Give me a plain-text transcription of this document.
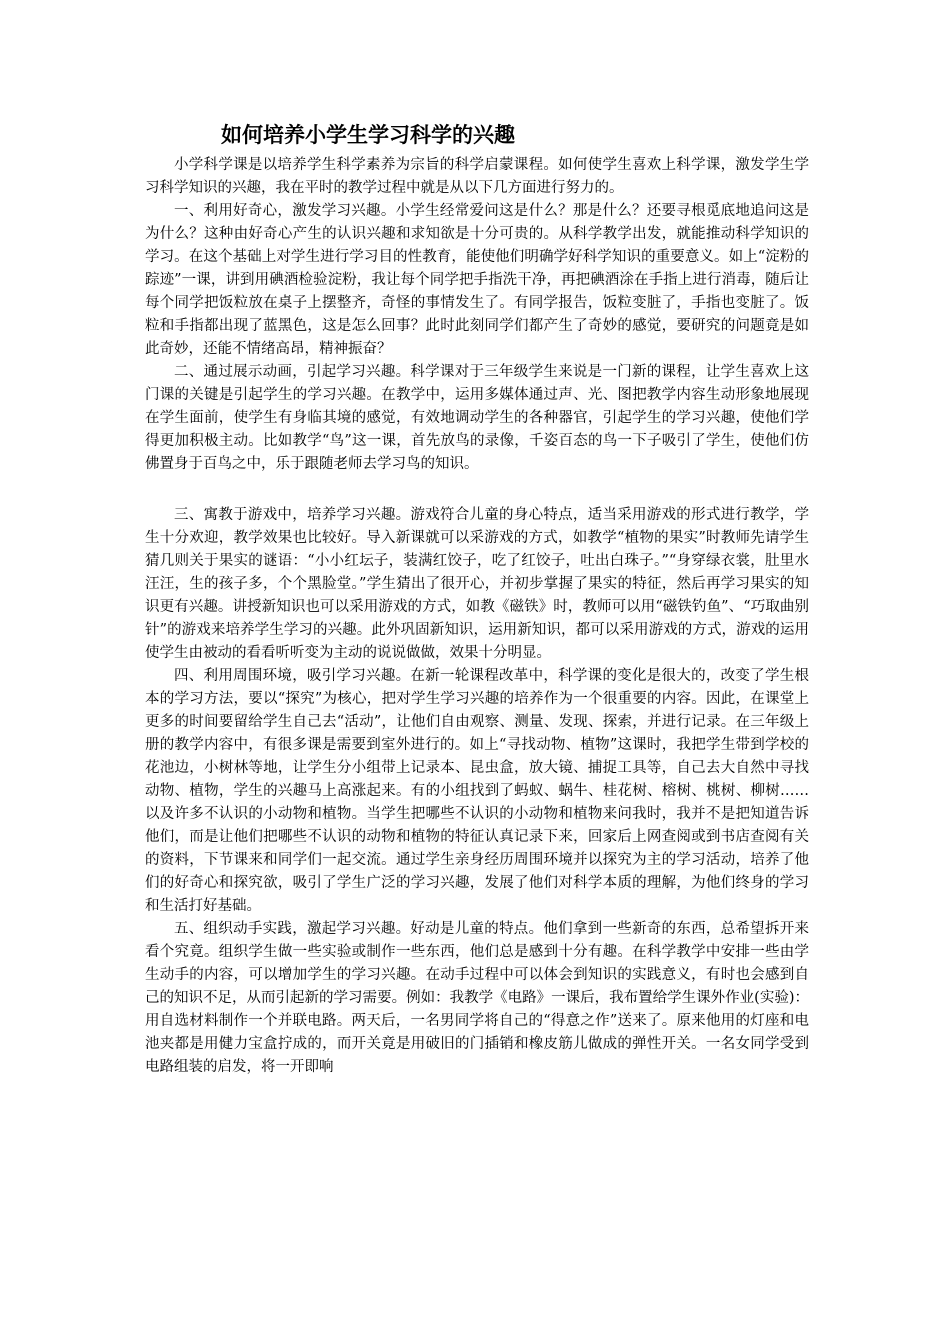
如何培养小学生学习科学的兴趣

小学科学课是以培养学生科学素养为宗旨的科学启蒙课程。如何使学生喜欢上科学课，激发学生学习科学知识的兴趣，我在平时的教学过程中就是从以下几方面进行努力的。

一、利用好奇心，激发学习兴趣。小学生经常爱问这是什么？那是什么？还要寻根觅底地追问这是为什么？这种由好奇心产生的认识兴趣和求知欲是十分可贵的。从科学教学出发，就能推动科学知识的学习。在这个基础上对学生进行学习目的性教育，能使他们明确学好科学知识的重要意义。如上“淀粉的踪迹”一课，讲到用碘酒检验淀粉，我让每个同学把手指洗干净，再把碘酒涂在手指上进行消毒，随后让每个同学把饭粒放在桌子上摆整齐，奇怪的事情发生了。有同学报告，饭粒变脏了，手指也变脏了。饭粒和手指都出现了蓝黑色，这是怎么回事？此时此刻同学们都产生了奇妙的感觉，要研究的问题竟是如此奇妙，还能不情绪高昂，精神振奋？

二、通过展示动画，引起学习兴趣。科学课对于三年级学生来说是一门新的课程，让学生喜欢上这门课的关键是引起学生的学习兴趣。在教学中，运用多媒体通过声、光、图把教学内容生动形象地展现在学生面前，使学生有身临其境的感觉，有效地调动学生的各种器官，引起学生的学习兴趣，使他们学得更加积极主动。比如教学“鸟”这一课，首先放鸟的录像，千姿百态的鸟一下子吸引了学生，使他们仿佛置身于百鸟之中，乐于跟随老师去学习鸟的知识。

三、寓教于游戏中，培养学习兴趣。游戏符合儿童的身心特点，适当采用游戏的形式进行教学，学生十分欢迎，教学效果也比较好。导入新课就可以采游戏的方式，如教学“植物的果实”时教师先请学生猜几则关于果实的谜语：“小小红坛子，装满红饺子，吃了红饺子，吐出白珠子。”“身穿绿衣裳，肚里水汪汪，生的孩子多，个个黑脸堂。”学生猜出了很开心，并初步掌握了果实的特征，然后再学习果实的知识更有兴趣。讲授新知识也可以采用游戏的方式，如教《磁铁》时，教师可以用“磁铁钓鱼”、“巧取曲别针”的游戏来培养学生学习的兴趣。此外巩固新知识，运用新知识，都可以采用游戏的方式，游戏的运用使学生由被动的看看听听变为主动的说说做做，效果十分明显。

四、利用周围环境，吸引学习兴趣。在新一轮课程改革中，科学课的变化是很大的，改变了学生根本的学习方法，要以“探究”为核心，把对学生学习兴趣的培养作为一个很重要的内容。因此，在课堂上更多的时间要留给学生自己去“活动”，让他们自由观察、测量、发现、探索，并进行记录。在三年级上册的教学内容中，有很多课是需要到室外进行的。如上“寻找动物、植物”这课时，我把学生带到学校的花池边，小树林等地，让学生分小组带上记录本、昆虫盒，放大镜、捕捉工具等，自己去大自然中寻找动物、植物，学生的兴趣马上高涨起来。有的小组找到了蚂蚁、蜗牛、桂花树、榕树、桃树、柳树……以及许多不认识的小动物和植物。当学生把哪些不认识的小动物和植物来问我时，我并不是把知道告诉他们，而是让他们把哪些不认识的动物和植物的特征认真记录下来，回家后上网查阅或到书店查阅有关的资料，下节课来和同学们一起交流。通过学生亲身经历周围环境并以探究为主的学习活动，培养了他们的好奇心和探究欲，吸引了学生广泛的学习兴趣，发展了他们对科学本质的理解，为他们终身的学习和生活打好基础。

五、组织动手实践，激起学习兴趣。好动是儿童的特点。他们拿到一些新奇的东西，总希望拆开来看个究竟。组织学生做一些实验或制作一些东西，他们总是感到十分有趣。在科学教学中安排一些由学生动手的内容，可以增加学生的学习兴趣。在动手过程中可以体会到知识的实践意义，有时也会感到自己的知识不足，从而引起新的学习需要。例如：我教学《电路》一课后，我布置给学生课外作业(实验)：用自选材料制作一个并联电路。两天后，一名男同学将自己的“得意之作”送来了。原来他用的灯座和电池夹都是用健力宝盒拧成的，而开关竟是用破旧的门插销和橡皮筋儿做成的弹性开关。一名女同学受到电路组装的启发，将一开即响
